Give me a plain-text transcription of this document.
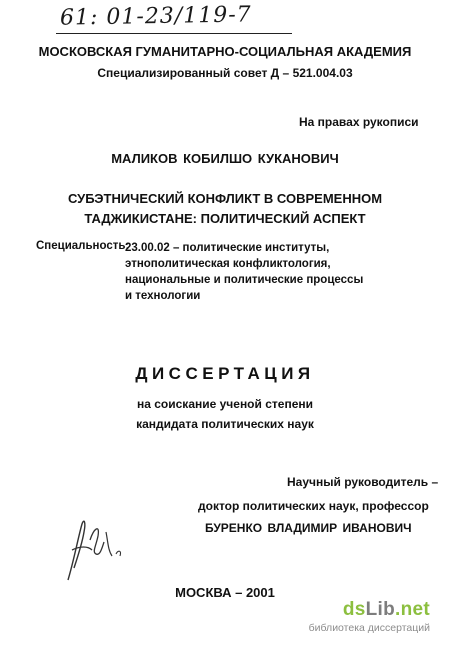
61: 01-23/119-7
МОСКОВСКАЯ ГУМАНИТАРНО-СОЦИАЛЬНАЯ АКАДЕМИЯ
Специализированный совет Д – 521.004.03
На правах рукописи
МАЛИКОВ КОБИЛШО КУКАНОВИЧ
СУБЭТНИЧЕСКИЙ КОНФЛИКТ В СОВРЕМЕННОМ
ТАДЖИКИСТАНЕ: ПОЛИТИЧЕСКИЙ АСПЕКТ
Специальность:
23.00.02 – политические институты,
этнополитическая конфликтология,
национальные и политические процессы
и технологии
ДИССЕРТАЦИЯ
на соискание ученой степени
кандидата политических наук
Научный руководитель –
доктор политических наук, профессор
БУРЕНКО ВЛАДИМИР ИВАНОВИЧ
МОСКВА – 2001
dsLib.net
библиотека диссертаций
